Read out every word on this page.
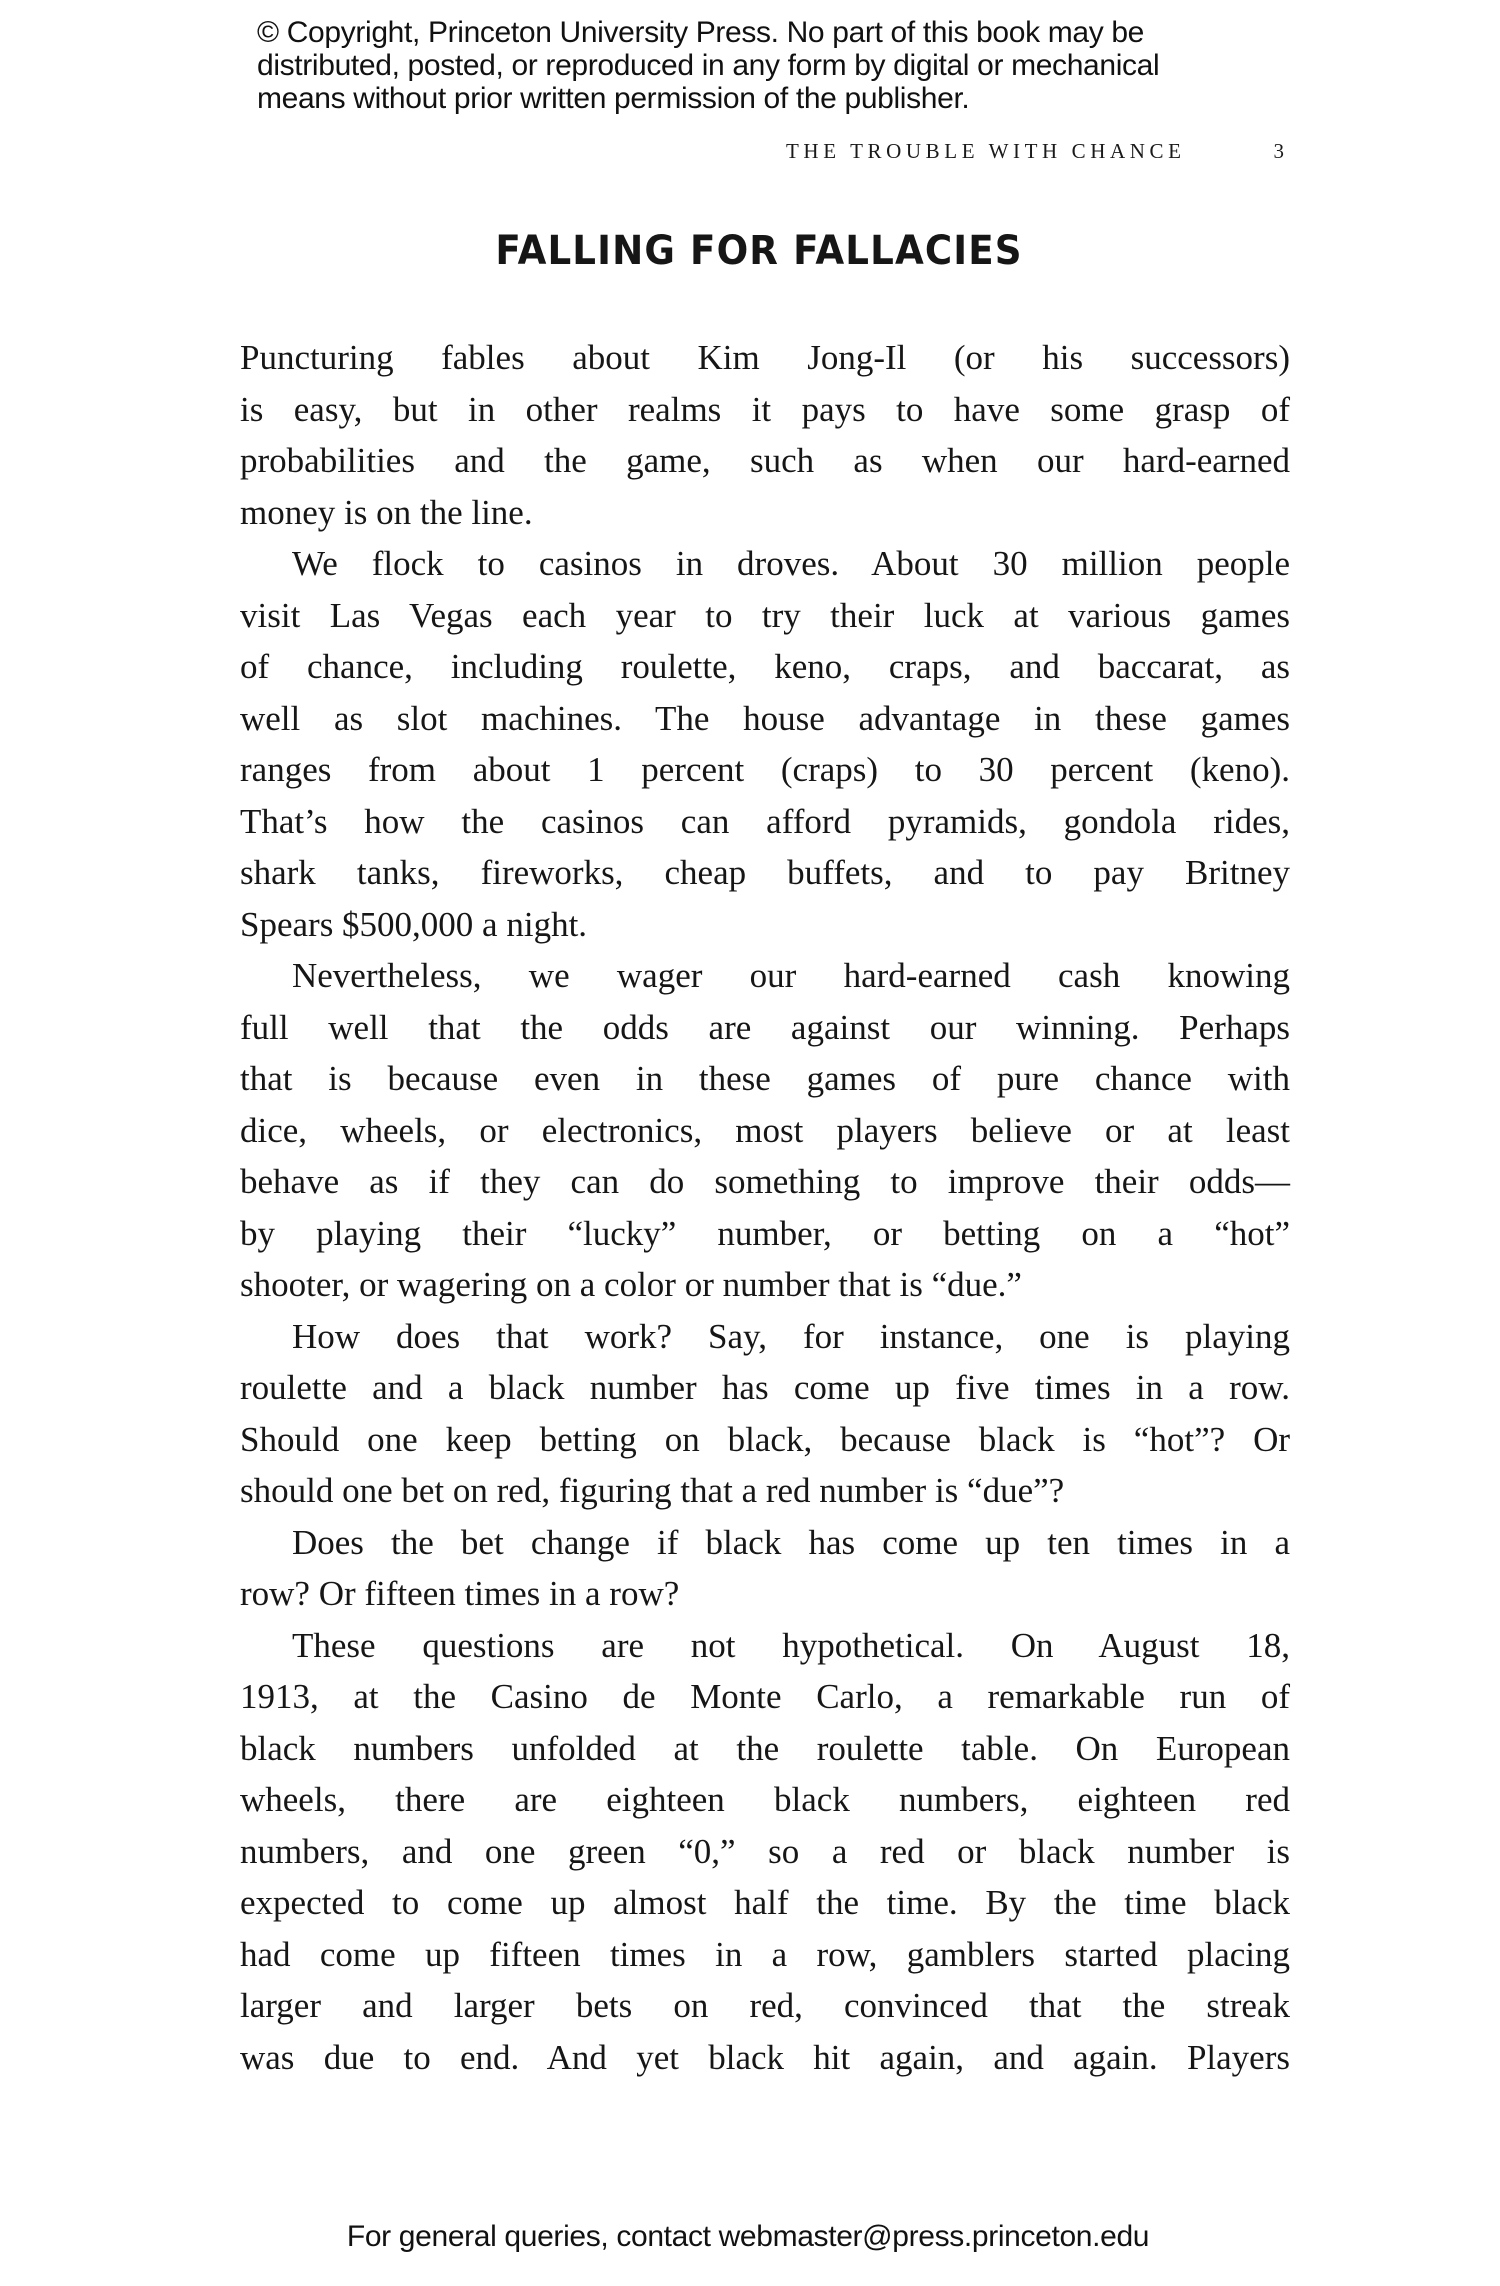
© Copyright, Princeton University Press. No part of this book may be
distributed, posted, or reproduced in any form by digital or mechanical
means without prior written permission of the publisher.
THE TROUBLE WITH CHANCE	3
FALLING FOR FALLACIES
Puncturing fables about Kim Jong-Il (or his successors)
is easy, but in other realms it pays to have some grasp of
probabilities and the game, such as when our hard-earned
money is on the line.
We flock to casinos in droves. About 30 million people
visit Las Vegas each year to try their luck at various games
of chance, including roulette, keno, craps, and baccarat, as
well as slot machines. The house advantage in these games
ranges from about 1 percent (craps) to 30 percent (keno).
That’s how the casinos can afford pyramids, gondola rides,
shark tanks, fireworks, cheap buffets, and to pay Britney
Spears $500,000 a night.
Nevertheless, we wager our hard-earned cash knowing
full well that the odds are against our winning. Perhaps
that is because even in these games of pure chance with
dice, wheels, or electronics, most players believe or at least
behave as if they can do something to improve their odds—
by playing their “lucky” number, or betting on a “hot”
shooter, or wagering on a color or number that is “due.”
How does that work? Say, for instance, one is playing
roulette and a black number has come up five times in a row.
Should one keep betting on black, because black is “hot”? Or
should one bet on red, figuring that a red number is “due”?
Does the bet change if black has come up ten times in a
row? Or fifteen times in a row?
These questions are not hypothetical. On August 18,
1913, at the Casino de Monte Carlo, a remarkable run of
black numbers unfolded at the roulette table. On European
wheels, there are eighteen black numbers, eighteen red
numbers, and one green “0,” so a red or black number is
expected to come up almost half the time. By the time black
had come up fifteen times in a row, gamblers started placing
larger and larger bets on red, convinced that the streak
was due to end. And yet black hit again, and again. Players
For general queries, contact webmaster@press.princeton.edu
